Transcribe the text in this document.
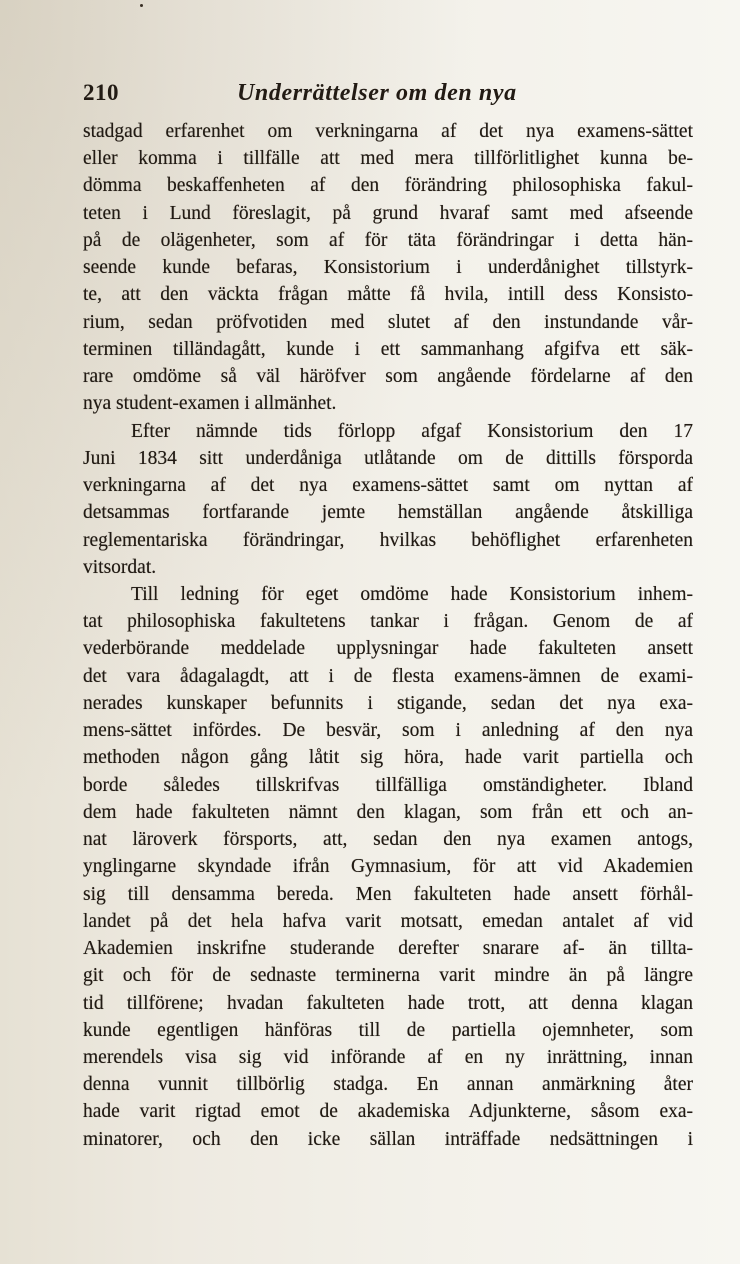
210	Underrättelser om den nya
stadgad erfarenhet om verkningarna af det nya examens-sättet
eller komma i tillfälle att med mera tillförlitlighet kunna be-
dömma beskaffenheten af den förändring philosophiska fakul-
teten i Lund föreslagit, på grund hvaraf samt med afseende
på de olägenheter, som af för täta förändringar i detta hän-
seende kunde befaras, Konsistorium i underdånighet tillstyrk-
te, att den väckta frågan måtte få hvila, intill dess Konsisto-
rium, sedan pröfvotiden med slutet af den instundande vår-
terminen tilländagått, kunde i ett sammanhang afgifva ett säk-
rare omdöme så väl häröfver som angående fördelarne af den
nya student-examen i allmänhet.
Efter nämnde tids förlopp afgaf Konsistorium den 17
Juni 1834 sitt underdåniga utlåtande om de dittills försporda
verkningarna af det nya examens-sättet samt om nyttan af
detsammas fortfarande jemte hemställan angående åtskilliga
reglementariska förändringar, hvilkas behöflighet erfarenheten
vitsordat.
Till ledning för eget omdöme hade Konsistorium inhem-
tat philosophiska fakultetens tankar i frågan. Genom de af
vederbörande meddelade upplysningar hade fakulteten ansett
det vara ådagalagdt, att i de flesta examens-ämnen de exami-
nerades kunskaper befunnits i stigande, sedan det nya exa-
mens-sättet infördes. De besvär, som i anledning af den nya
methoden någon gång låtit sig höra, hade varit partiella och
borde således tillskrifvas tillfälliga omständigheter. Ibland
dem hade fakulteten nämnt den klagan, som från ett och an-
nat läroverk försports, att, sedan den nya examen antogs,
ynglingarne skyndade ifrån Gymnasium, för att vid Akademien
sig till densamma bereda. Men fakulteten hade ansett förhål-
landet på det hela hafva varit motsatt, emedan antalet af vid
Akademien inskrifne studerande derefter snarare af- än tillta-
git och för de sednaste terminerna varit mindre än på längre
tid tillförene; hvadan fakulteten hade trott, att denna klagan
kunde egentligen hänföras till de partiella ojemnheter, som
merendels visa sig vid införande af en ny inrättning, innan
denna vunnit tillbörlig stadga. En annan anmärkning åter
hade varit rigtad emot de akademiska Adjunkterne, såsom exa-
minatorer, och den icke sällan inträffade nedsättningen i
